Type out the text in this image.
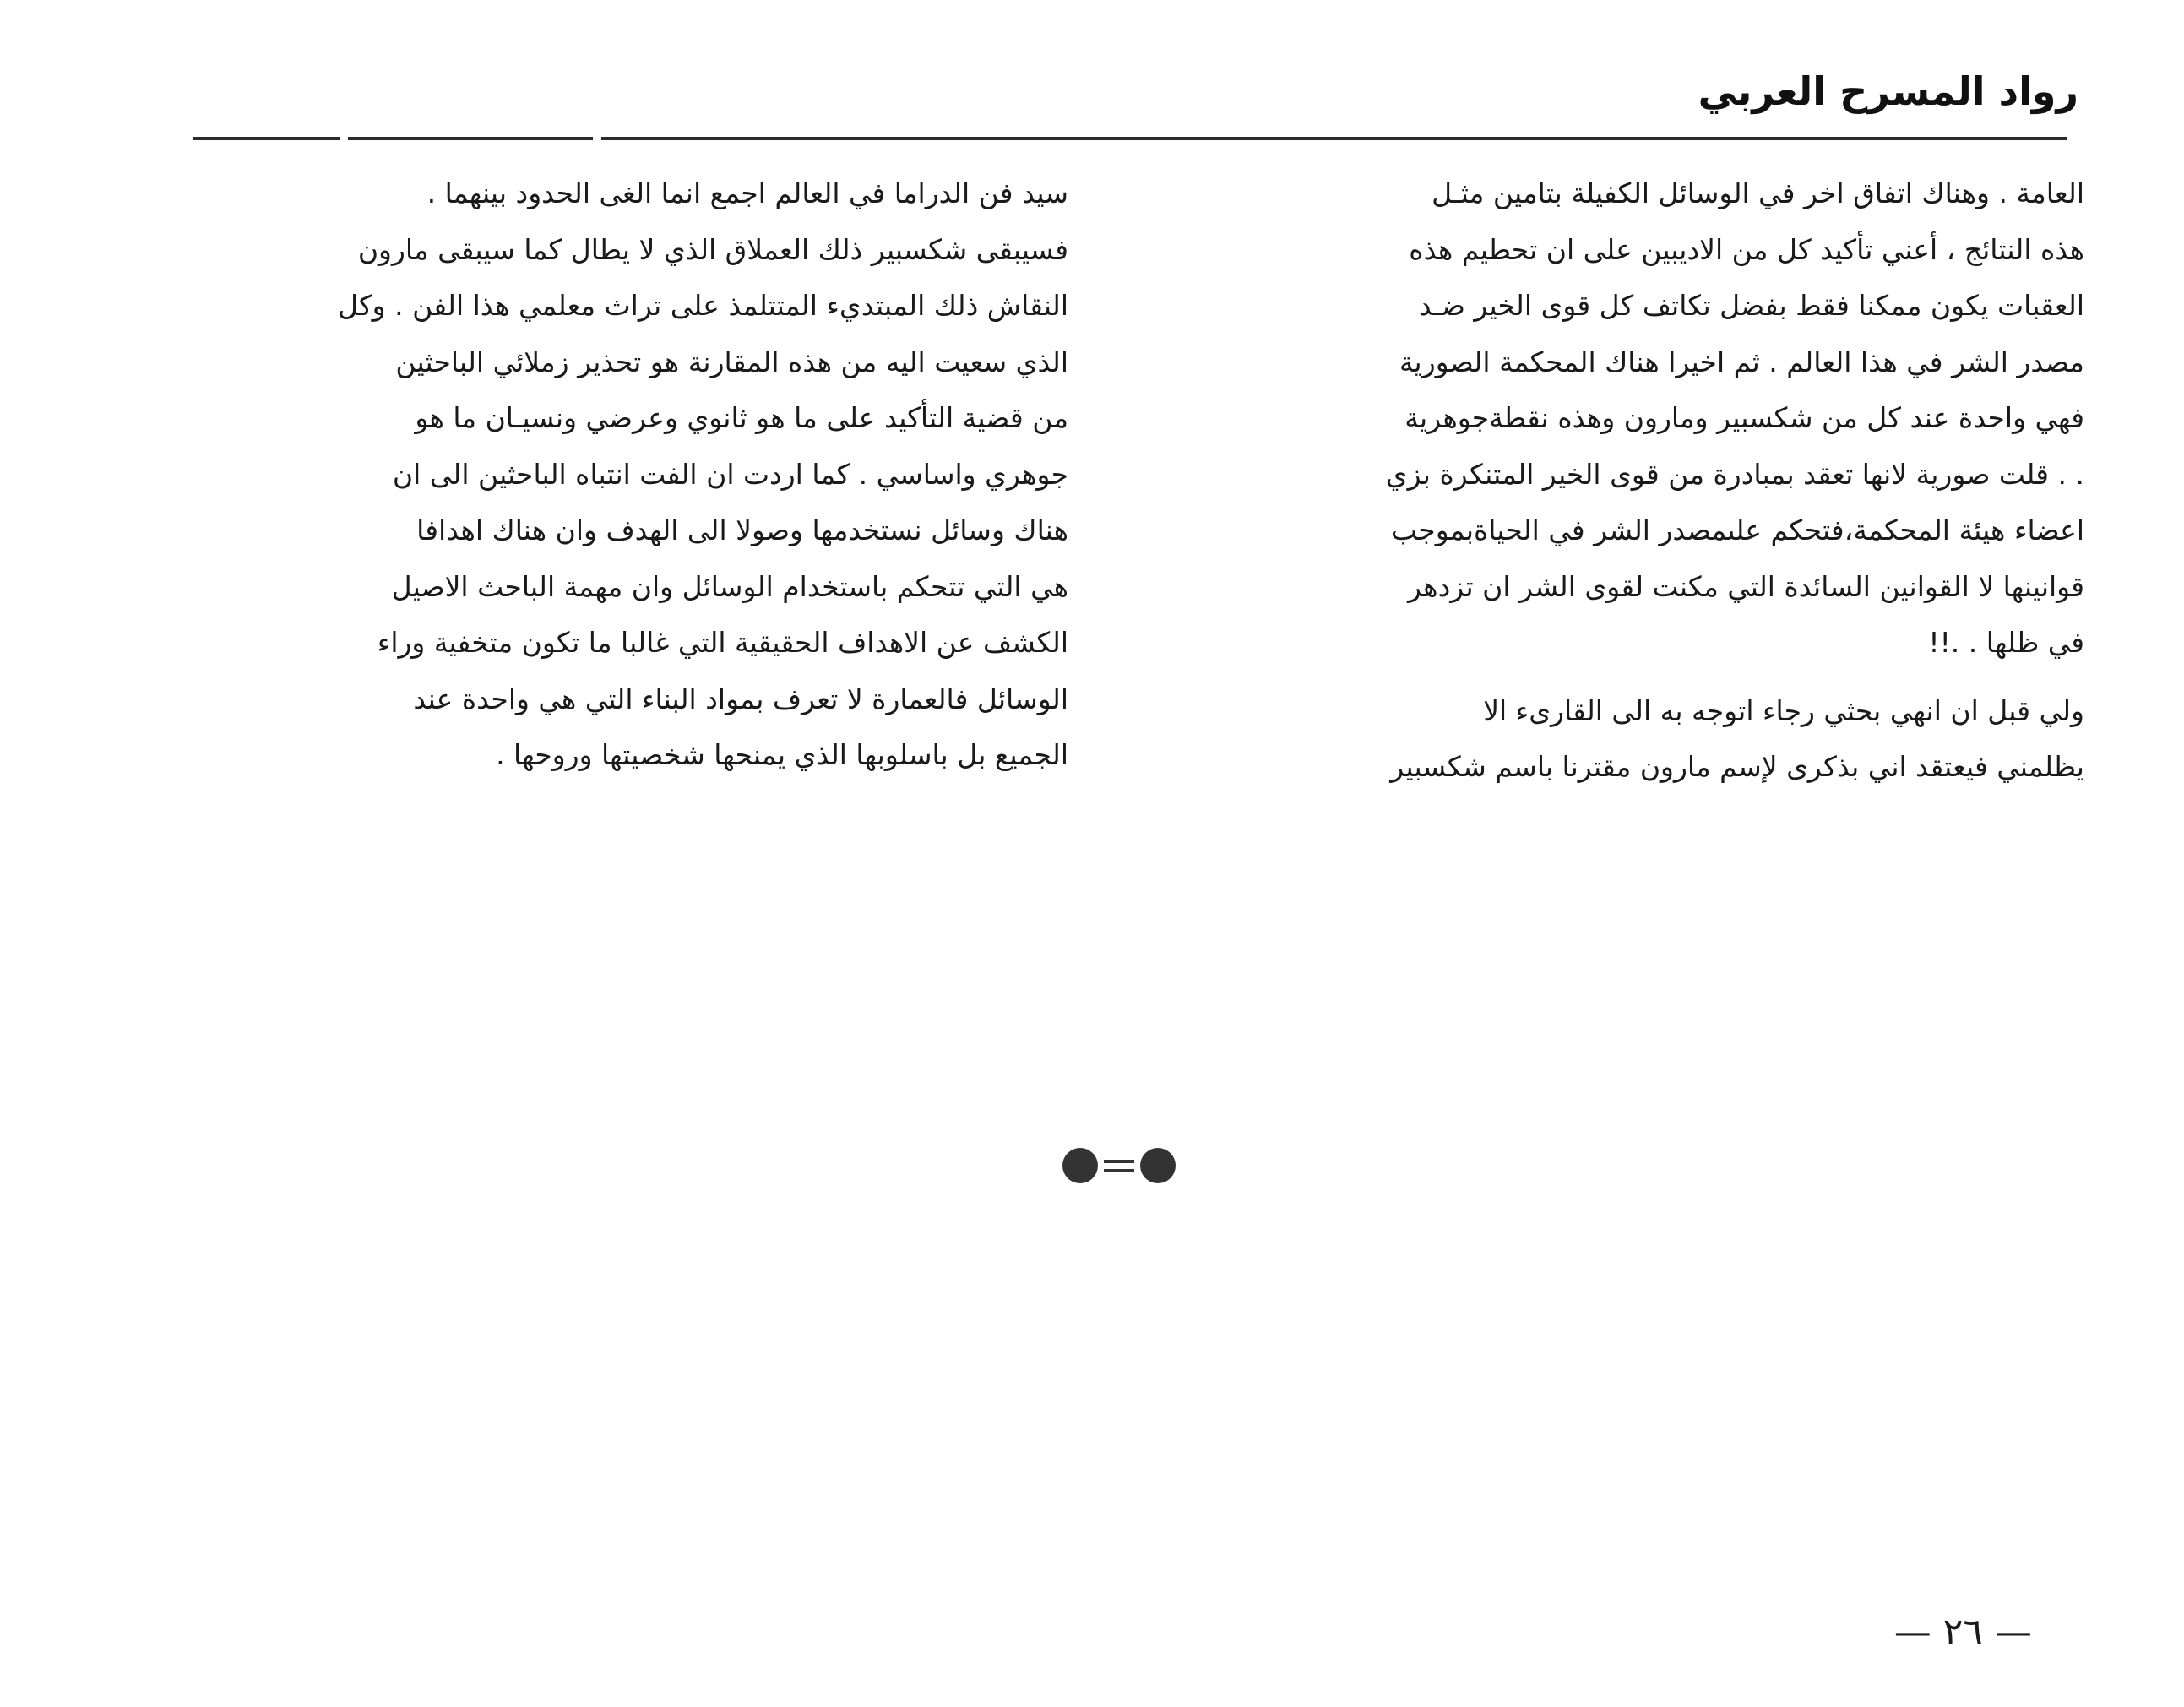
رواد المسرح العربي
العامة . وهناك اتفاق اخر في الوسائل الكفيلة بتامين مثـل
هذه النتائج ، أعني تأكيد كل من الاديبين على ان تحطيم هذه
العقبات يكون ممكنا فقط بفضل تكاتف كل قوى الخير ضـد
مصدر الشر في هذا العالم . ثم اخيرا هناك المحكمة الصورية
فهي واحدة عند كل من شكسبير ومارون وهذه نقطةجوهرية
. . قلت صورية لانها تعقد بمبادرة من قوى الخير المتنكرة بزي
اعضاء هيئة المحكمة،فتحكم علىمصدر الشر في الحياةبموجب
قوانينها لا القوانين السائدة التي مكنت لقوى الشر ان تزدهر
في ظلها . .!!
ولي قبل ان انهي بحثي رجاء اتوجه به الى القارىء الا
يظلمني فيعتقد اني بذكرى لإسم مارون مقترنا باسم شكسبير
سيد فن الدراما في العالم اجمع انما الغى الحدود بينهما .
فسيبقى شكسبير ذلك العملاق الذي لا يطال كما سيبقى مارون
النقاش ذلك المبتديء المتتلمذ على تراث معلمي هذا الفن . وكل
الذي سعيت اليه من هذه المقارنة هو تحذير زملائي الباحثين
من قضية التأكيد على ما هو ثانوي وعرضي ونسيـان ما هو
جوهري واساسي . كما اردت ان الفت انتباه الباحثين الى ان
هناك وسائل نستخدمها وصولا الى الهدف وان هناك اهدافا
هي التي تتحكم باستخدام الوسائل وان مهمة الباحث الاصيل
الكشف عن الاهداف الحقيقية التي غالبا ما تكون متخفية وراء
الوسائل فالعمارة لا تعرف بمواد البناء التي هي واحدة عند
الجميع بل باسلوبها الذي يمنحها شخصيتها وروحها .
— ٢٦ —
